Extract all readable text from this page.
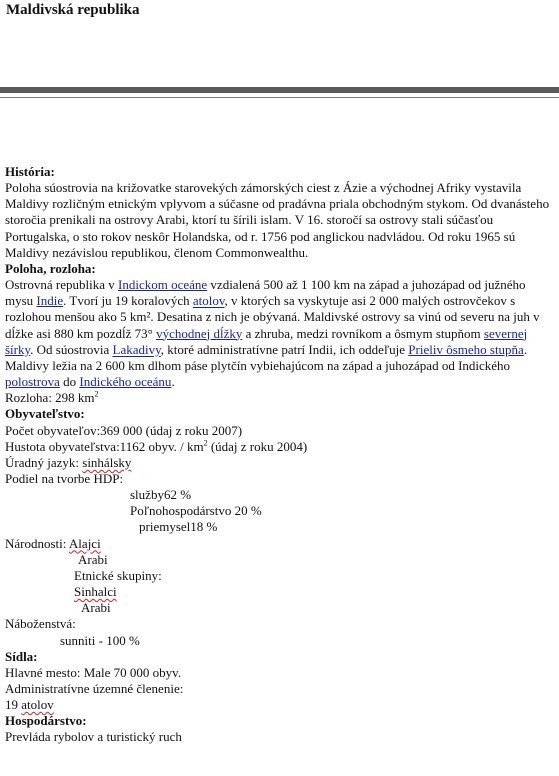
Maldivská republika

História:

Poloha súostrovia na križovatke starovekých zámorských ciest z Ázie a východnej Afriky vystavila Maldivy rozličným etnickým vplyvom a súčasne od pradávna priala obchodným stykom. Od dvanásteho storočia prenikali na ostrovy Arabi, ktorí tu šírili islam. V 16. storočí sa ostrovy stali súčasťou Portugalska, o sto rokov neskôr Holandska, od r. 1756 pod anglickou nadvládou. Od roku 1965 sú Maldivy nezávislou republikou, členom Commonwealthu.

Poloha, rozloha:

Ostrovná republika v Indickom oceáne vzdialená 500 až 1 100 km na západ a juhozápad od južného mysu Indie. Tvorí ju 19 koralových atolov, v ktorých sa vyskytuje asi 2 000 malých ostrovčekov s rozlohou menšou ako 5 km². Desatina z nich je obývaná. Maldivské ostrovy sa vinú od severu na juh v dĺžke asi 880 km pozdĺž 73° východnej dĺžky a zhruba, medzi rovníkom a ôsmym stupňom severnej šírky. Od súostrovia Lakadivy, ktoré administratívne patrí Indii, ich oddeľuje Prieliv ôsmeho stupňa.

Maldivy ležia na 2 600 km dlhom páse plytčín vybiehajúcom na západ a juhozápad od Indického polostrova do Indického oceánu.

Rozloha: 298 $km^2$

Obyvateľstvo:

Počet obyvateľov:369 000 (údaj z roku 2007)

Hustota obyvateľstva:1162 obyv. / $km^2$ (údaj z roku 2004)

Úradný jazyk: sinhálsky

Podiel na tvorbe HDP:

služby62 %

Poľnohospodárstvo 20 %

priemysel18 %

Národnosti: Alajci

Arabi

Etnické skupiny:

Sinhalci

Arabi

Náboženstvá:

sunniti - 100 %

Sídla:

Hlavné mesto: Male 70 000 obyv.

Administratívne územné členenie:

19 atolov

Hospodárstvo:

Prevláda rybolov a turistický ruch
